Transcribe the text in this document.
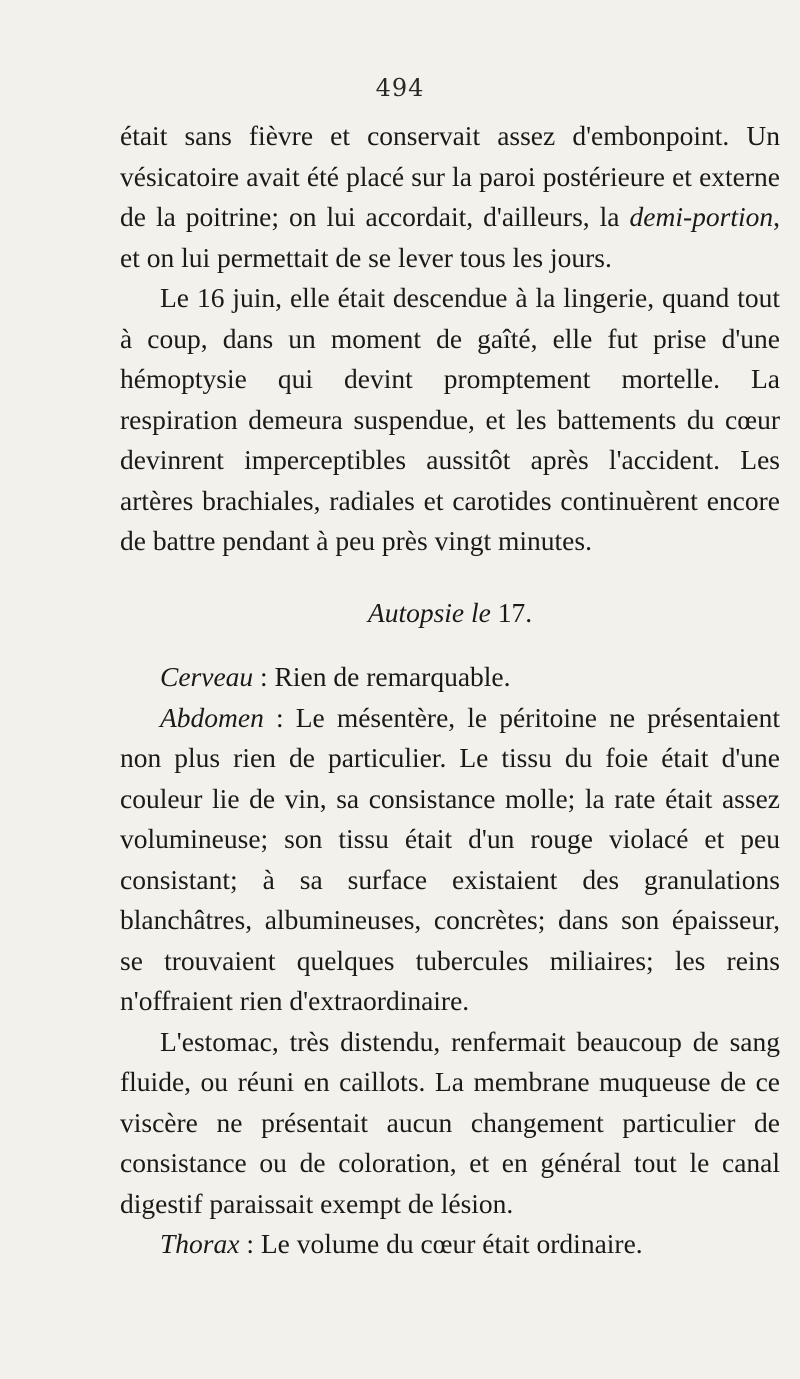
494

était sans fièvre et conservait assez d'embonpoint. Un vésicatoire avait été placé sur la paroi postérieure et externe de la poitrine; on lui accordait, d'ailleurs, la demi-portion, et on lui permettait de se lever tous les jours.

Le 16 juin, elle était descendue à la lingerie, quand tout à coup, dans un moment de gaîté, elle fut prise d'une hémoptysie qui devint promptement mortelle. La respiration demeura suspendue, et les battements du cœur devinrent imperceptibles aussitôt après l'accident. Les artères brachiales, radiales et carotides continuèrent encore de battre pendant à peu près vingt minutes.

Autopsie le 17.

Cerveau : Rien de remarquable.

Abdomen : Le mésentère, le péritoine ne présentaient non plus rien de particulier. Le tissu du foie était d'une couleur lie de vin, sa consistance molle; la rate était assez volumineuse; son tissu était d'un rouge violacé et peu consistant; à sa surface existaient des granulations blanchâtres, albumineuses, concrètes; dans son épaisseur, se trouvaient quelques tubercules miliaires; les reins n'offraient rien d'extraordinaire.

L'estomac, très distendu, renfermait beaucoup de sang fluide, ou réuni en caillots. La membrane muqueuse de ce viscère ne présentait aucun changement particulier de consistance ou de coloration, et en général tout le canal digestif paraissait exempt de lésion.

Thorax : Le volume du cœur était ordinaire.
